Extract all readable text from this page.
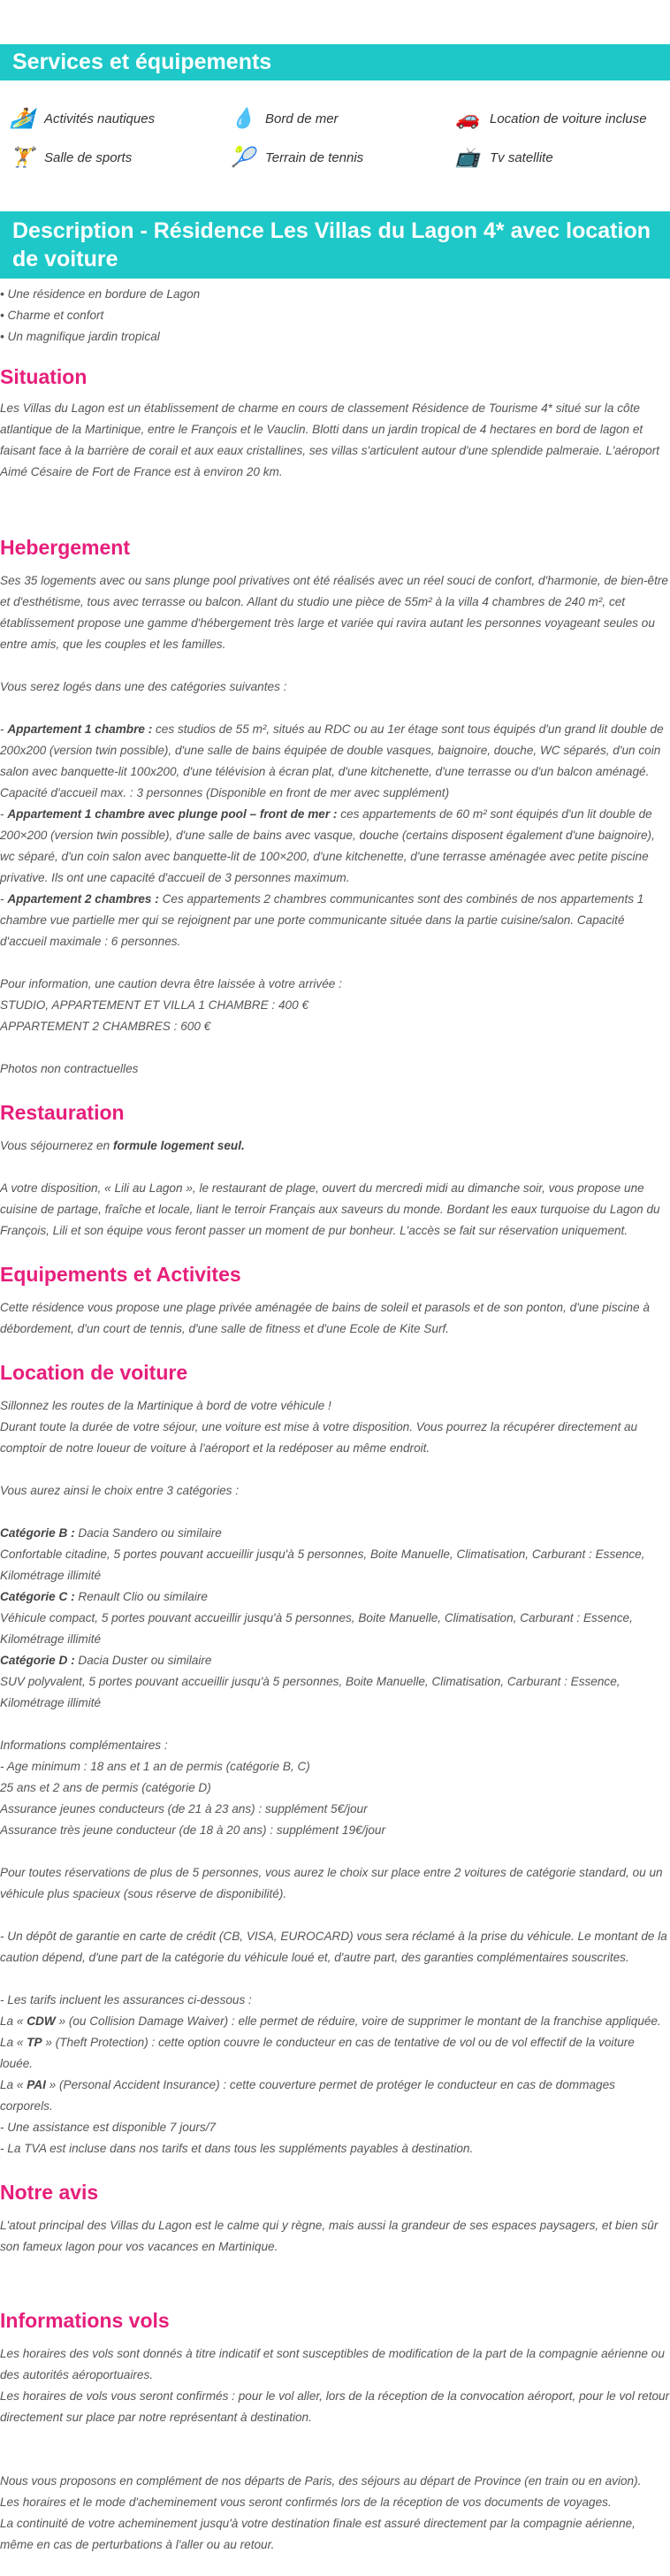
Services et équipements
🏄 Activités nautiques	💧 Bord de mer	🚗 Location de voiture incluse
🏋 Salle de sports	🎾 Terrain de tennis	📺 Tv satellite
Description - Résidence Les Villas du Lagon 4* avec location de voiture
• Une résidence en bordure de Lagon
• Charme et confort
• Un magnifique jardin tropical
Situation

Les Villas du Lagon est un établissement de charme en cours de classement Résidence de Tourisme 4* situé sur la côte atlantique de la Martinique, entre le François et le Vauclin. Blotti dans un jardin tropical de 4 hectares en bord de lagon et faisant face à la barrière de corail et aux eaux cristallines, ses villas s'articulent autour d'une splendide palmeraie. L'aéroport Aimé Césaire de Fort de France est à environ 20 km.

Hebergement

Ses 35 logements avec ou sans plunge pool privatives ont été réalisés avec un réel souci de confort, d'harmonie, de bien-être et d'esthétisme, tous avec terrasse ou balcon. Allant du studio une pièce de 55m² à la villa 4 chambres de 240 m², cet établissement propose une gamme d'hébergement très large et variée qui ravira autant les personnes voyageant seules ou entre amis, que les couples et les familles.

Vous serez logés dans une des catégories suivantes :

- Appartement 1 chambre : ces studios de 55 m², situés au RDC ou au 1er étage sont tous équipés d'un grand lit double de 200x200 (version twin possible), d'une salle de bains équipée de double vasques, baignoire, douche, WC séparés, d'un coin salon avec banquette-lit 100x200, d'une télévision à écran plat, d'une kitchenette, d'une terrasse ou d'un balcon aménagé. Capacité d'accueil max. : 3 personnes (Disponible en front de mer avec supplément)

- Appartement 1 chambre avec plunge pool – front de mer : ces appartements de 60 m² sont équipés d'un lit double de 200×200 (version twin possible), d'une salle de bains avec vasque, douche (certains disposent également d'une baignoire), wc séparé, d'un coin salon avec banquette-lit de 100×200, d'une kitchenette, d'une terrasse aménagée avec petite piscine privative. Ils ont une capacité d'accueil de 3 personnes maximum.

- Appartement 2 chambres : Ces appartements 2 chambres communicantes sont des combinés de nos appartements 1 chambre vue partielle mer qui se rejoignent par une porte communicante située dans la partie cuisine/salon. Capacité d'accueil maximale : 6 personnes.

Pour information, une caution devra être laissée à votre arrivée :

STUDIO, APPARTEMENT ET VILLA 1 CHAMBRE : 400 €

APPARTEMENT 2 CHAMBRES : 600 €

Photos non contractuelles

Restauration

Vous séjournerez en formule logement seul.

A votre disposition, « Lili au Lagon », le restaurant de plage, ouvert du mercredi midi au dimanche soir, vous propose une cuisine de partage, fraîche et locale, liant le terroir Français aux saveurs du monde. Bordant les eaux turquoise du Lagon du François, Lili et son équipe vous feront passer un moment de pur bonheur. L'accès se fait sur réservation uniquement.

Equipements et Activites

Cette résidence vous propose une plage privée aménagée de bains de soleil et parasols et de son ponton, d'une piscine à débordement, d'un court de tennis, d'une salle de fitness et d'une Ecole de Kite Surf.

Location de voiture

Sillonnez les routes de la Martinique à bord de votre véhicule !

Durant toute la durée de votre séjour, une voiture est mise à votre disposition. Vous pourrez la récupérer directement au comptoir de notre loueur de voiture à l'aéroport et la redéposer au même endroit.

Vous aurez ainsi le choix entre 3 catégories :

Catégorie B : Dacia Sandero ou similaire

Confortable citadine, 5 portes pouvant accueillir jusqu'à 5 personnes, Boite Manuelle, Climatisation, Carburant : Essence, Kilométrage illimité

Catégorie C : Renault Clio ou similaire

Véhicule compact, 5 portes pouvant accueillir jusqu'à 5 personnes, Boite Manuelle, Climatisation, Carburant : Essence, Kilométrage illimité

Catégorie D : Dacia Duster ou similaire

SUV polyvalent, 5 portes pouvant accueillir jusqu'à 5 personnes, Boite Manuelle, Climatisation, Carburant : Essence, Kilométrage illimité

Informations complémentaires :

- Age minimum : 18 ans et 1 an de permis (catégorie B, C)

25 ans et 2 ans de permis (catégorie D)

Assurance jeunes conducteurs (de 21 à 23 ans) : supplément 5€/jour

Assurance très jeune conducteur (de 18 à 20 ans) : supplément 19€/jour

Pour toutes réservations de plus de 5 personnes, vous aurez le choix sur place entre 2 voitures de catégorie standard, ou un véhicule plus spacieux (sous réserve de disponibilité).

- Un dépôt de garantie en carte de crédit (CB, VISA, EUROCARD) vous sera réclamé à la prise du véhicule. Le montant de la caution dépend, d'une part de la catégorie du véhicule loué et, d'autre part, des garanties complémentaires souscrites.

- Les tarifs incluent les assurances ci-dessous :

La « CDW » (ou Collision Damage Waiver) : elle permet de réduire, voire de supprimer le montant de la franchise appliquée.

La « TP » (Theft Protection) : cette option couvre le conducteur en cas de tentative de vol ou de vol effectif de la voiture louée.

La « PAI » (Personal Accident Insurance) : cette couverture permet de protéger le conducteur en cas de dommages corporels.

- Une assistance est disponible 7 jours/7

- La TVA est incluse dans nos tarifs et dans tous les suppléments payables à destination.

Notre avis

L'atout principal des Villas du Lagon est le calme qui y règne, mais aussi la grandeur de ses espaces paysagers, et bien sûr son fameux lagon pour vos vacances en Martinique.

Informations vols

Les horaires des vols sont donnés à titre indicatif et sont susceptibles de modification de la part de la compagnie aérienne ou des autorités aéroportuaires.

Les horaires de vols vous seront confirmés : pour le vol aller, lors de la réception de la convocation aéroport, pour le vol retour directement sur place par notre représentant à destination.

Nous vous proposons en complément de nos départs de Paris, des séjours au départ de Province (en train ou en avion).

Les horaires et le mode d'acheminement vous seront confirmés lors de la réception de vos documents de voyages.

La continuité de votre acheminement jusqu'à votre destination finale est assuré directement par la compagnie aérienne, même en cas de perturbations à l'aller ou au retour.
